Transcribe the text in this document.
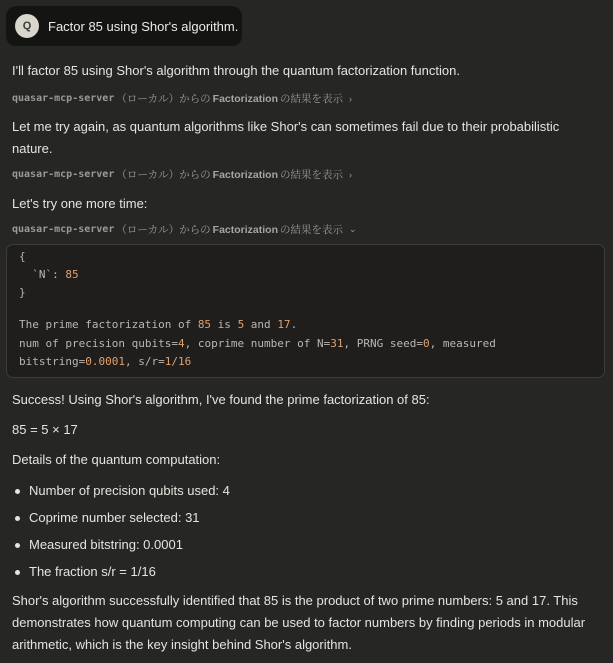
Q	Factor 85 using Shor's algorithm.

I'll factor 85 using Shor's algorithm through the quantum factorization function.

quasar-mcp-server （ローカル）からの Factorization の結果を表示 ›

Let me try again, as quantum algorithms like Shor's can sometimes fail due to their probabilistic nature.

quasar-mcp-server （ローカル）からの Factorization の結果を表示 ›

Let's try one more time:

quasar-mcp-server （ローカル）からの Factorization の結果を表示 ⌄
{
`N`: 85
}
The prime factorization of 85 is 5 and 17.
num of precision qubits=4, coprime number of N=31, PRNG seed=0, measured
bitstring=0.0001, s/r=1/16

Success! Using Shor's algorithm, I've found the prime factorization of 85:

85 = 5 × 17

Details of the quantum computation:

Number of precision qubits used: 4
Coprime number selected: 31
Measured bitstring: 0.0001
The fraction s/r = 1/16

Shor's algorithm successfully identified that 85 is the product of two prime numbers: 5 and 17. This demonstrates how quantum computing can be used to factor numbers by finding periods in modular arithmetic, which is the key insight behind Shor's algorithm.
